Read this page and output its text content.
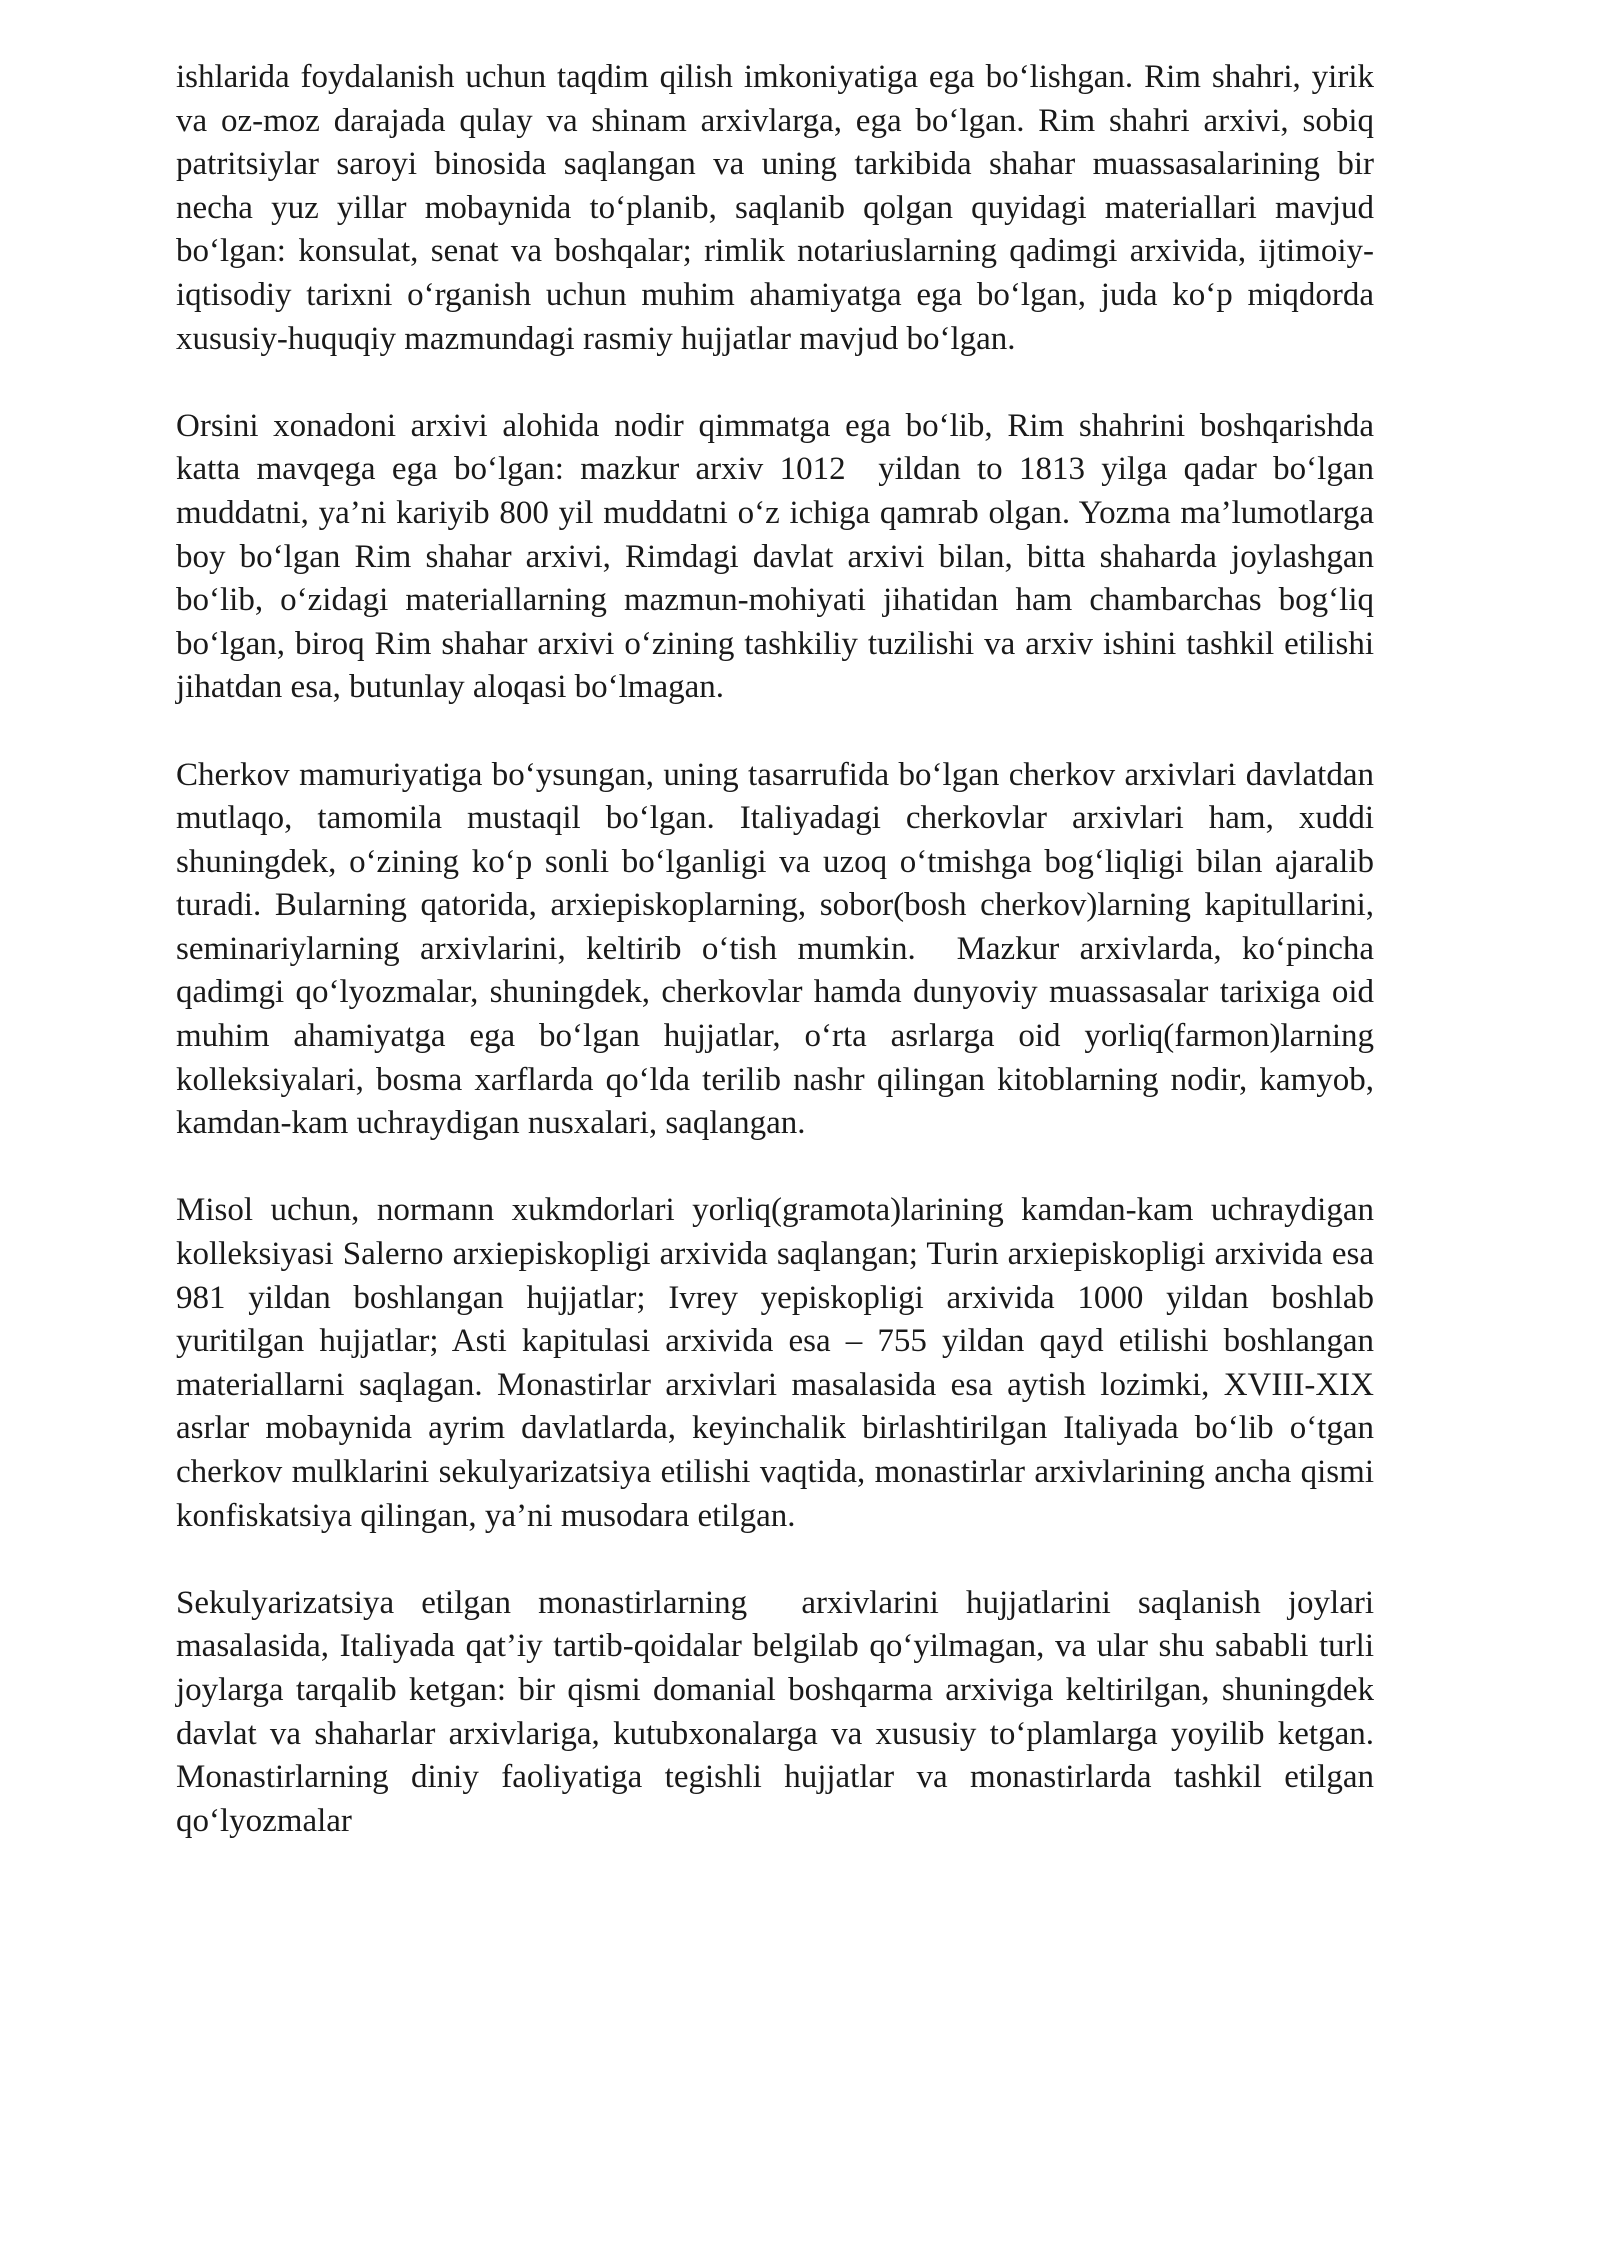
ishlarida foydalanish uchun taqdim qilish imkoniyatiga ega bo‘lishgan. Rim shahri, yirik va oz-moz darajada qulay va shinam arxivlarga, ega bo‘lgan. Rim shahri arxivi, sobiq patritsiylar saroyi binosida saqlangan va uning tarkibida shahar muassasalarining bir necha yuz yillar mobaynida to‘planib, saqlanib qolgan quyidagi materiallari mavjud bo‘lgan: konsulat, senat va boshqalar; rimlik notariuslarning qadimgi arxivida, ijtimoiy-iqtisodiy tarixni o‘rganish uchun muhim ahamiyatga ega bo‘lgan, juda ko‘p miqdorda xususiy-huquqiy mazmundagi rasmiy hujjatlar mavjud bo‘lgan.

Orsini xonadoni arxivi alohida nodir qimmatga ega bo‘lib, Rim shahrini boshqarishda katta mavqega ega bo‘lgan: mazkur arxiv 1012  yildan to 1813 yilga qadar bo‘lgan muddatni, ya’ni kariyib 800 yil muddatni o‘z ichiga qamrab olgan. Yozma ma’lumotlarga boy bo‘lgan Rim shahar arxivi, Rimdagi davlat arxivi bilan, bitta shaharda joylashgan bo‘lib, o‘zidagi materiallarning mazmun-mohiyati jihatidan ham chambarchas bog‘liq bo‘lgan, biroq Rim shahar arxivi o‘zining tashkiliy tuzilishi va arxiv ishini tashkil etilishi jihatdan esa, butunlay aloqasi bo‘lmagan.

Cherkov mamuriyatiga bo‘ysungan, uning tasarrufida bo‘lgan cherkov arxivlari davlatdan mutlaqo, tamomila mustaqil bo‘lgan. Italiyadagi cherkovlar arxivlari ham, xuddi shuningdek, o‘zining ko‘p sonli bo‘lganligi va uzoq o‘tmishga bog‘liqligi bilan ajaralib turadi. Bularning qatorida, arxiepiskoplarning, sobor(bosh cherkov)larning kapitullarini, seminariylarning arxivlarini, keltirib o‘tish mumkin.  Mazkur arxivlarda, ko‘pincha qadimgi qo‘lyozmalar, shuningdek, cherkovlar hamda dunyoviy muassasalar tarixiga oid muhim ahamiyatga ega bo‘lgan hujjatlar, o‘rta asrlarga oid yorliq(farmon)larning kolleksiyalari, bosma xarflarda qo‘lda terilib nashr qilingan kitoblarning nodir, kamyob, kamdan-kam uchraydigan nusxalari, saqlangan.

Misol uchun, normann xukmdorlari yorliq(gramota)larining kamdan-kam uchraydigan kolleksiyasi Salerno arxiepiskopligi arxivida saqlangan; Turin arxiepiskopligi arxivida esa 981 yildan boshlangan hujjatlar; Ivrey yepiskopligi arxivida 1000 yildan boshlab yuritilgan hujjatlar; Asti kapitulasi arxivida esa – 755 yildan qayd etilishi boshlangan materiallarni saqlagan. Monastirlar arxivlari masalasida esa aytish lozimki, XVIII-XIX asrlar mobaynida ayrim davlatlarda, keyinchalik birlashtirilgan Italiyada bo‘lib o‘tgan cherkov mulklarini sekulyarizatsiya etilishi vaqtida, monastirlar arxivlarining ancha qismi konfiskatsiya qilingan, ya’ni musodara etilgan.

Sekulyarizatsiya etilgan monastirlarning  arxivlarini hujjatlarini saqlanish joylari masalasida, Italiyada qat’iy tartib-qoidalar belgilab qo‘yilmagan, va ular shu sababli turli joylarga tarqalib ketgan: bir qismi domanial boshqarma arxiviga keltirilgan, shuningdek davlat va shaharlar arxivlariga, kutubxonalarga va xususiy to‘plamlarga yoyilib ketgan.  Monastirlarning diniy faoliyatiga tegishli hujjatlar va monastirlarda tashkil etilgan qo‘lyozmalar
